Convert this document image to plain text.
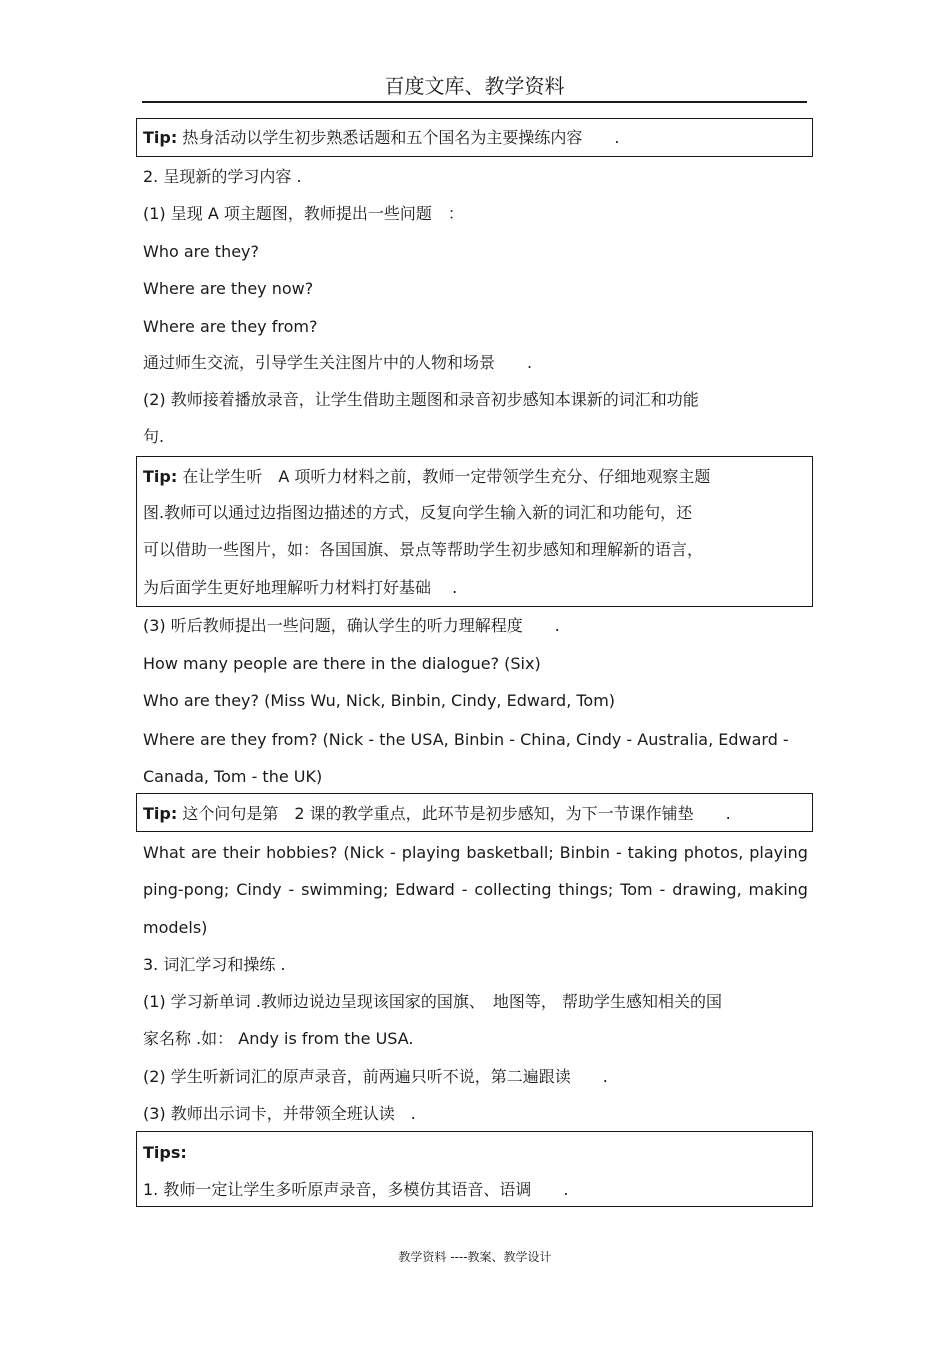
百度文库、教学资料
Tip: 热身活动以学生初步熟悉话题和五个国名为主要操练内容　　.
2. 呈现新的学习内容 .
(1) 呈现 A 项主题图，教师提出一些问题　：
Who are they?
Where are they now?
Where are they from?
通过师生交流，引导学生关注图片中的人物和场景　　.
(2) 教师接着播放录音，让学生借助主题图和录音初步感知本课新的词汇和功能
句.
Tip: 在让学生听　A 项听力材料之前，教师一定带领学生充分、仔细地观察主题
图.教师可以通过边指图边描述的方式，反复向学生输入新的词汇和功能句，还
可以借助一些图片，如：各国国旗、景点等帮助学生初步感知和理解新的语言，
为后面学生更好地理解听力材料打好基础　 .
(3) 听后教师提出一些问题，确认学生的听力理解程度　　.
How many people are there in the dialogue? (Six)
Who are they? (Miss Wu, Nick, Binbin, Cindy, Edward, Tom)
Where are they from? (Nick - the USA, Binbin - China, Cindy - Australia, Edward -
Canada, Tom - the UK)
Tip: 这个问句是第　2 课的教学重点，此环节是初步感知，为下一节课作铺垫　　.
What are their hobbies? (Nick - playing basketball; Binbin - taking photos, playing
ping-pong; Cindy - swimming; Edward - collecting things; Tom - drawing, making
models)
3. 词汇学习和操练 .
(1) 学习新单词 .教师边说边呈现该国家的国旗、　地图等， 帮助学生感知相关的国
家名称 .如： Andy is from the USA.
(2) 学生听新词汇的原声录音，前两遍只听不说，第二遍跟读　　.
(3) 教师出示词卡，并带领全班认读　.
Tips:
1. 教师一定让学生多听原声录音，多模仿其语音、语调　　.
教学资料 ----教案、教学设计
